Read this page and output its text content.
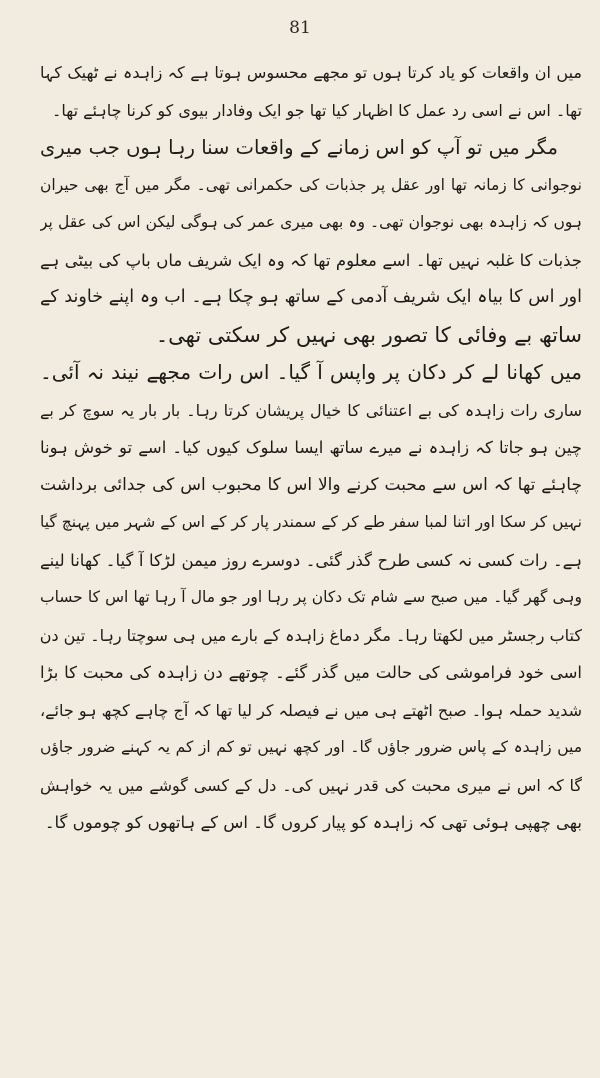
81
میں ان واقعات کو یاد کرتا ہوں تو مجھے محسوس ہوتا ہے کہ زاہدہ نے ٹھیک کہا
تھا۔ اس نے اسی رد عمل کا اظہار کیا تھا جو ایک وفادار بیوی کو کرنا چاہئے تھا۔
مگر میں تو آپ کو اس زمانے کے واقعات سنا رہا ہوں جب میری
نوجوانی کا زمانہ تھا اور عقل پر جذبات کی حکمرانی تھی۔ مگر میں آج بھی حیران
ہوں کہ زاہدہ بھی نوجوان تھی۔ وہ بھی میری عمر کی ہوگی لیکن اس کی عقل پر
جذبات کا غلبہ نہیں تھا۔ اسے معلوم تھا کہ وہ ایک شریف ماں باپ کی بیٹی ہے
اور اس کا بیاہ ایک شریف آدمی کے ساتھ ہو چکا ہے۔ اب وہ اپنے خاوند کے
ساتھ بے وفائی کا تصور بھی نہیں کر سکتی تھی۔
میں کھانا لے کر دکان پر واپس آ گیا۔ اس رات مجھے نیند نہ آئی۔
ساری رات زاہدہ کی بے اعتنائی کا خیال پریشان کرتا رہا۔ بار بار یہ سوچ کر بے
چین ہو جاتا کہ زاہدہ نے میرے ساتھ ایسا سلوک کیوں کیا۔ اسے تو خوش ہونا
چاہئے تھا کہ اس سے محبت کرنے والا اس کا محبوب اس کی جدائی برداشت
نہیں کر سکا اور اتنا لمبا سفر طے کر کے سمندر پار کر کے اس کے شہر میں پہنچ گیا
ہے۔ رات کسی نہ کسی طرح گذر گئی۔ دوسرے روز میمن لڑکا آ گیا۔ کھانا لینے
وہی گھر گیا۔ میں صبح سے شام تک دکان پر رہا اور جو مال آ رہا تھا اس کا حساب
کتاب رجسٹر میں لکھتا رہا۔ مگر دماغ زاہدہ کے بارے میں ہی سوچتا رہا۔ تین دن
اسی خود فراموشی کی حالت میں گذر گئے۔ چوتھے دن زاہدہ کی محبت کا بڑا
شدید حملہ ہوا۔ صبح اٹھتے ہی میں نے فیصلہ کر لیا تھا کہ آج چاہے کچھ ہو جائے،
میں زاہدہ کے پاس ضرور جاؤں گا۔ اور کچھ نہیں تو کم از کم یہ کہنے ضرور جاؤں
گا کہ اس نے میری محبت کی قدر نہیں کی۔ دل کے کسی گوشے میں یہ خواہش
بھی چھپی ہوئی تھی کہ زاہدہ کو پیار کروں گا۔ اس کے ہاتھوں کو چوموں گا۔
